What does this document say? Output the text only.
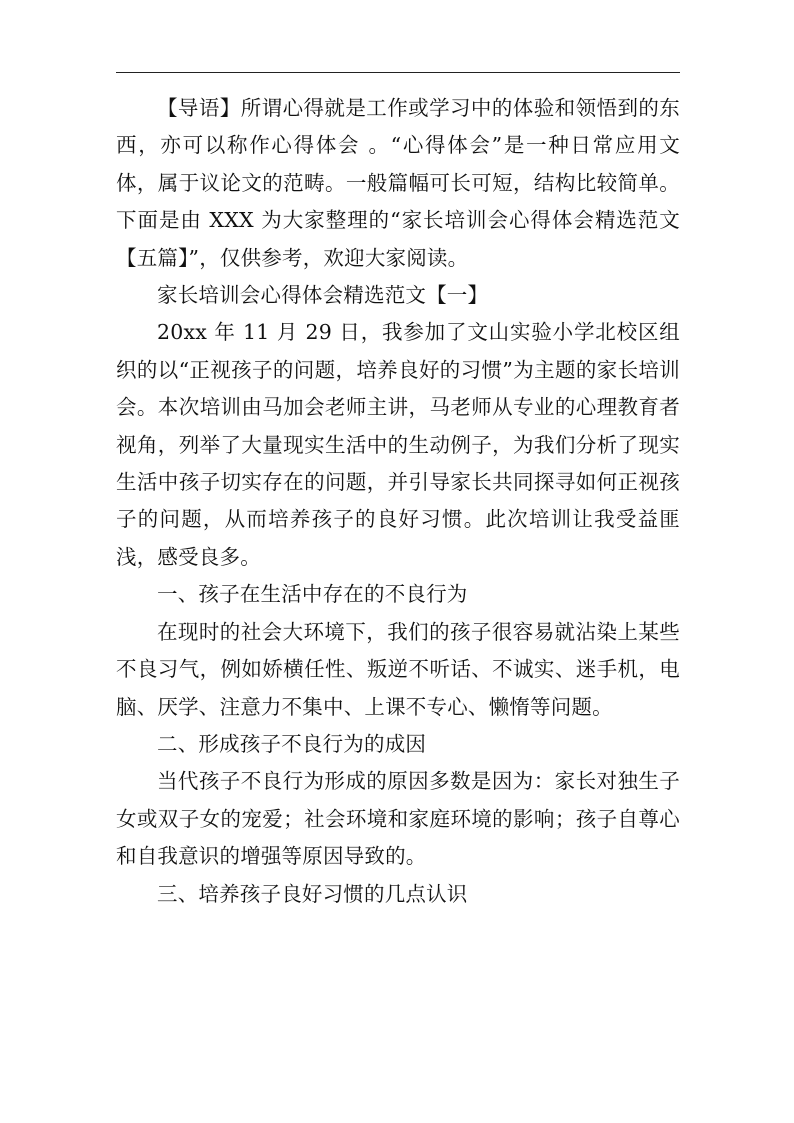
【导语】所谓心得就是工作或学习中的体验和领悟到的东西，亦可以称作心得体会 。“心得体会”是一种日常应用文体，属于议论文的范畴。一般篇幅可长可短，结构比较简单。下面是由 XXX 为大家整理的“家长培训会心得体会精选范文【五篇】”，仅供参考，欢迎大家阅读。

家长培训会心得体会精选范文【一】

20xx 年 11 月 29 日，我参加了文山实验小学北校区组织的以“正视孩子的问题，培养良好的习惯”为主题的家长培训会。本次培训由马加会老师主讲，马老师从专业的心理教育者视角，列举了大量现实生活中的生动例子，为我们分析了现实生活中孩子切实存在的问题，并引导家长共同探寻如何正视孩子的问题，从而培养孩子的良好习惯。此次培训让我受益匪浅，感受良多。

一、孩子在生活中存在的不良行为

在现时的社会大环境下，我们的孩子很容易就沾染上某些不良习气，例如娇横任性、叛逆不听话、不诚实、迷手机，电脑、厌学、注意力不集中、上课不专心、懒惰等问题。

二、形成孩子不良行为的成因

当代孩子不良行为形成的原因多数是因为：家长对独生子女或双子女的宠爱；社会环境和家庭环境的影响；孩子自尊心和自我意识的增强等原因导致的。

三、培养孩子良好习惯的几点认识
